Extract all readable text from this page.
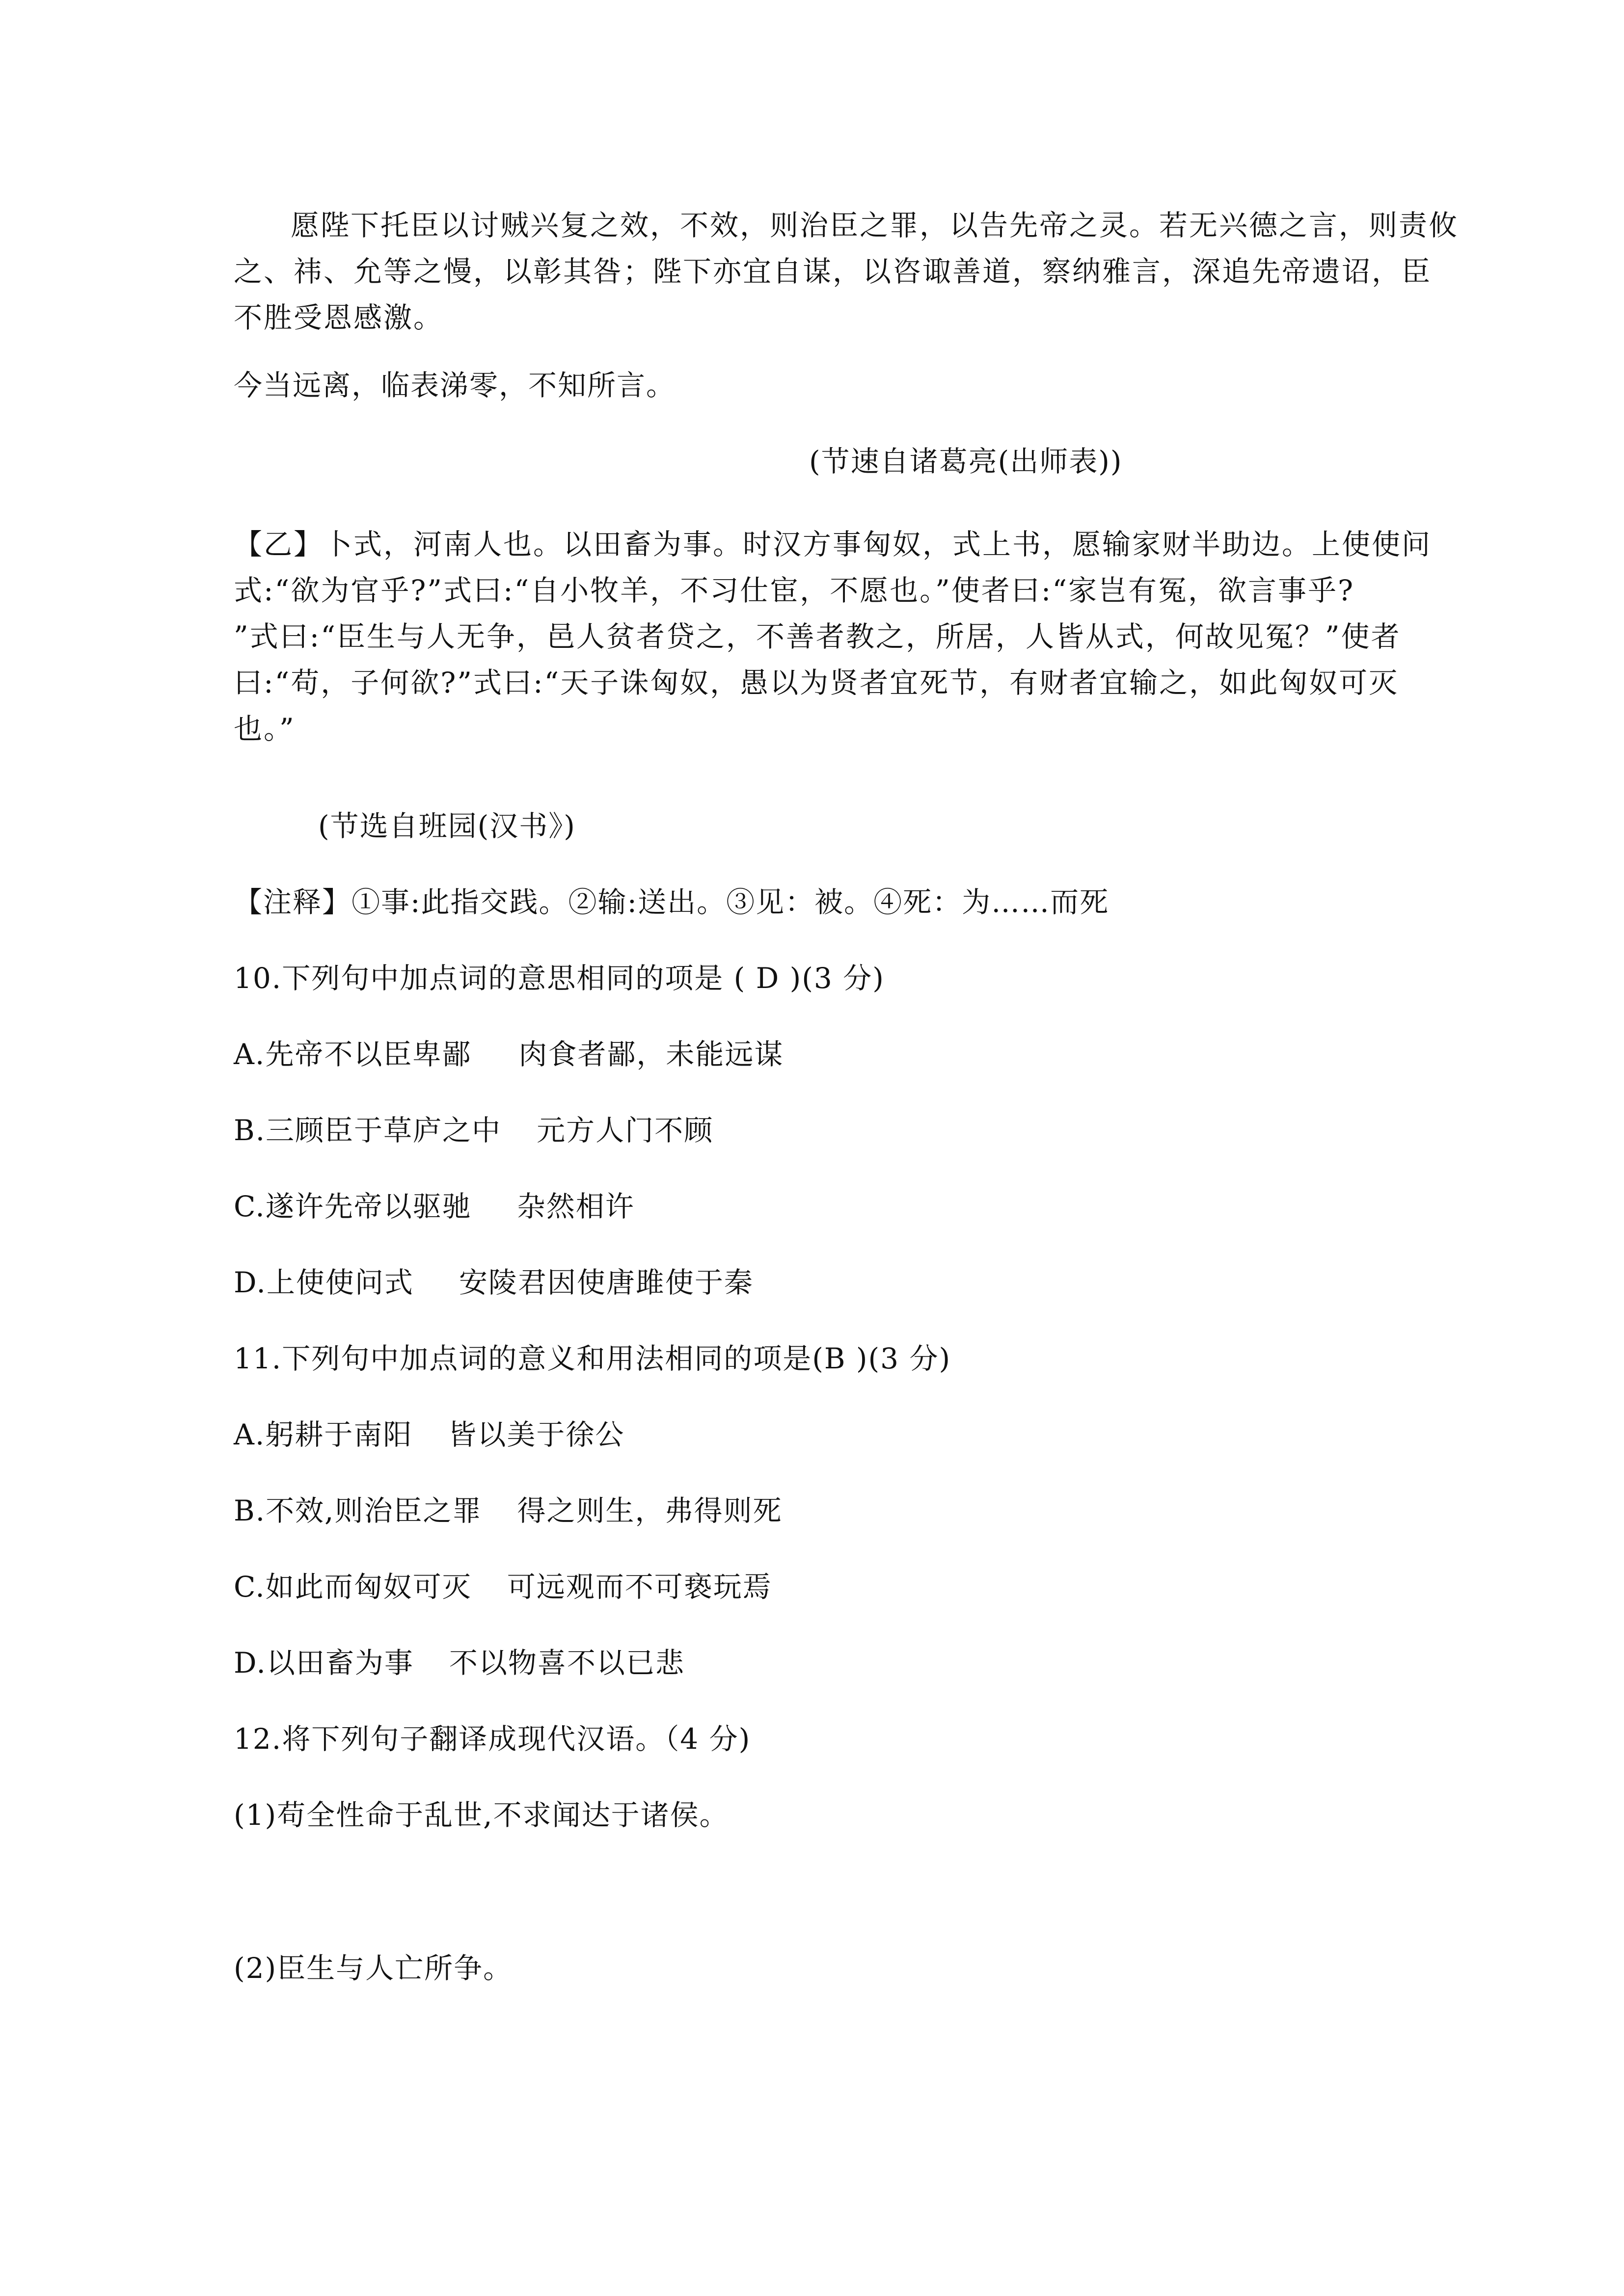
愿陛下托臣以讨贼兴复之效，不效，则治臣之罪，以告先帝之灵。若无兴德之言，则责攸
之、祎、允等之慢，以彰其咎；陛下亦宜自谋，以咨诹善道，察纳雅言，深追先帝遗诏，臣
不胜受恩感激。
今当远离，临表涕零，不知所言。
(节速自诸葛亮(出师表))
【乙】卜式，河南人也。以田畜为事。时汉方事匈奴，式上书，愿输家财半助边。上使使问
式:“欲为官乎?”式曰:“自小牧羊，不习仕宦，不愿也。”使者曰:“家岂有冤，欲言事乎?
”式曰:“臣生与人无争，邑人贫者贷之，不善者教之，所居，人皆从式，何故见冤？”使者
曰:“苟，子何欲?”式曰:“天子诛匈奴，愚以为贤者宜死节，有财者宜输之，如此匈奴可灭
也。”
(节选自班园(汉书》)
【注释】①事:此指交践。②输:送出。③见：被。④死：为……而死
10.下列句中加点词的意思相同的项是 ( D )(3 分)
A.先帝不以臣卑鄙 肉食者鄙，未能远谋
B.三顾臣于草庐之中 元方人门不顾
C.遂许先帝以驱驰 杂然相许
D.上使使问式 安陵君因使唐雎使于秦
11.下列句中加点词的意义和用法相同的项是(B )(3 分)
A.躬耕于南阳 皆以美于徐公
B.不效,则治臣之罪 得之则生，弗得则死
C.如此而匈奴可灭 可远观而不可亵玩焉
D.以田畜为事 不以物喜不以已悲
12.将下列句子翻译成现代汉语。（4 分)
(1)苟全性命于乱世,不求闻达于诸侯。
(2)臣生与人亡所争。
